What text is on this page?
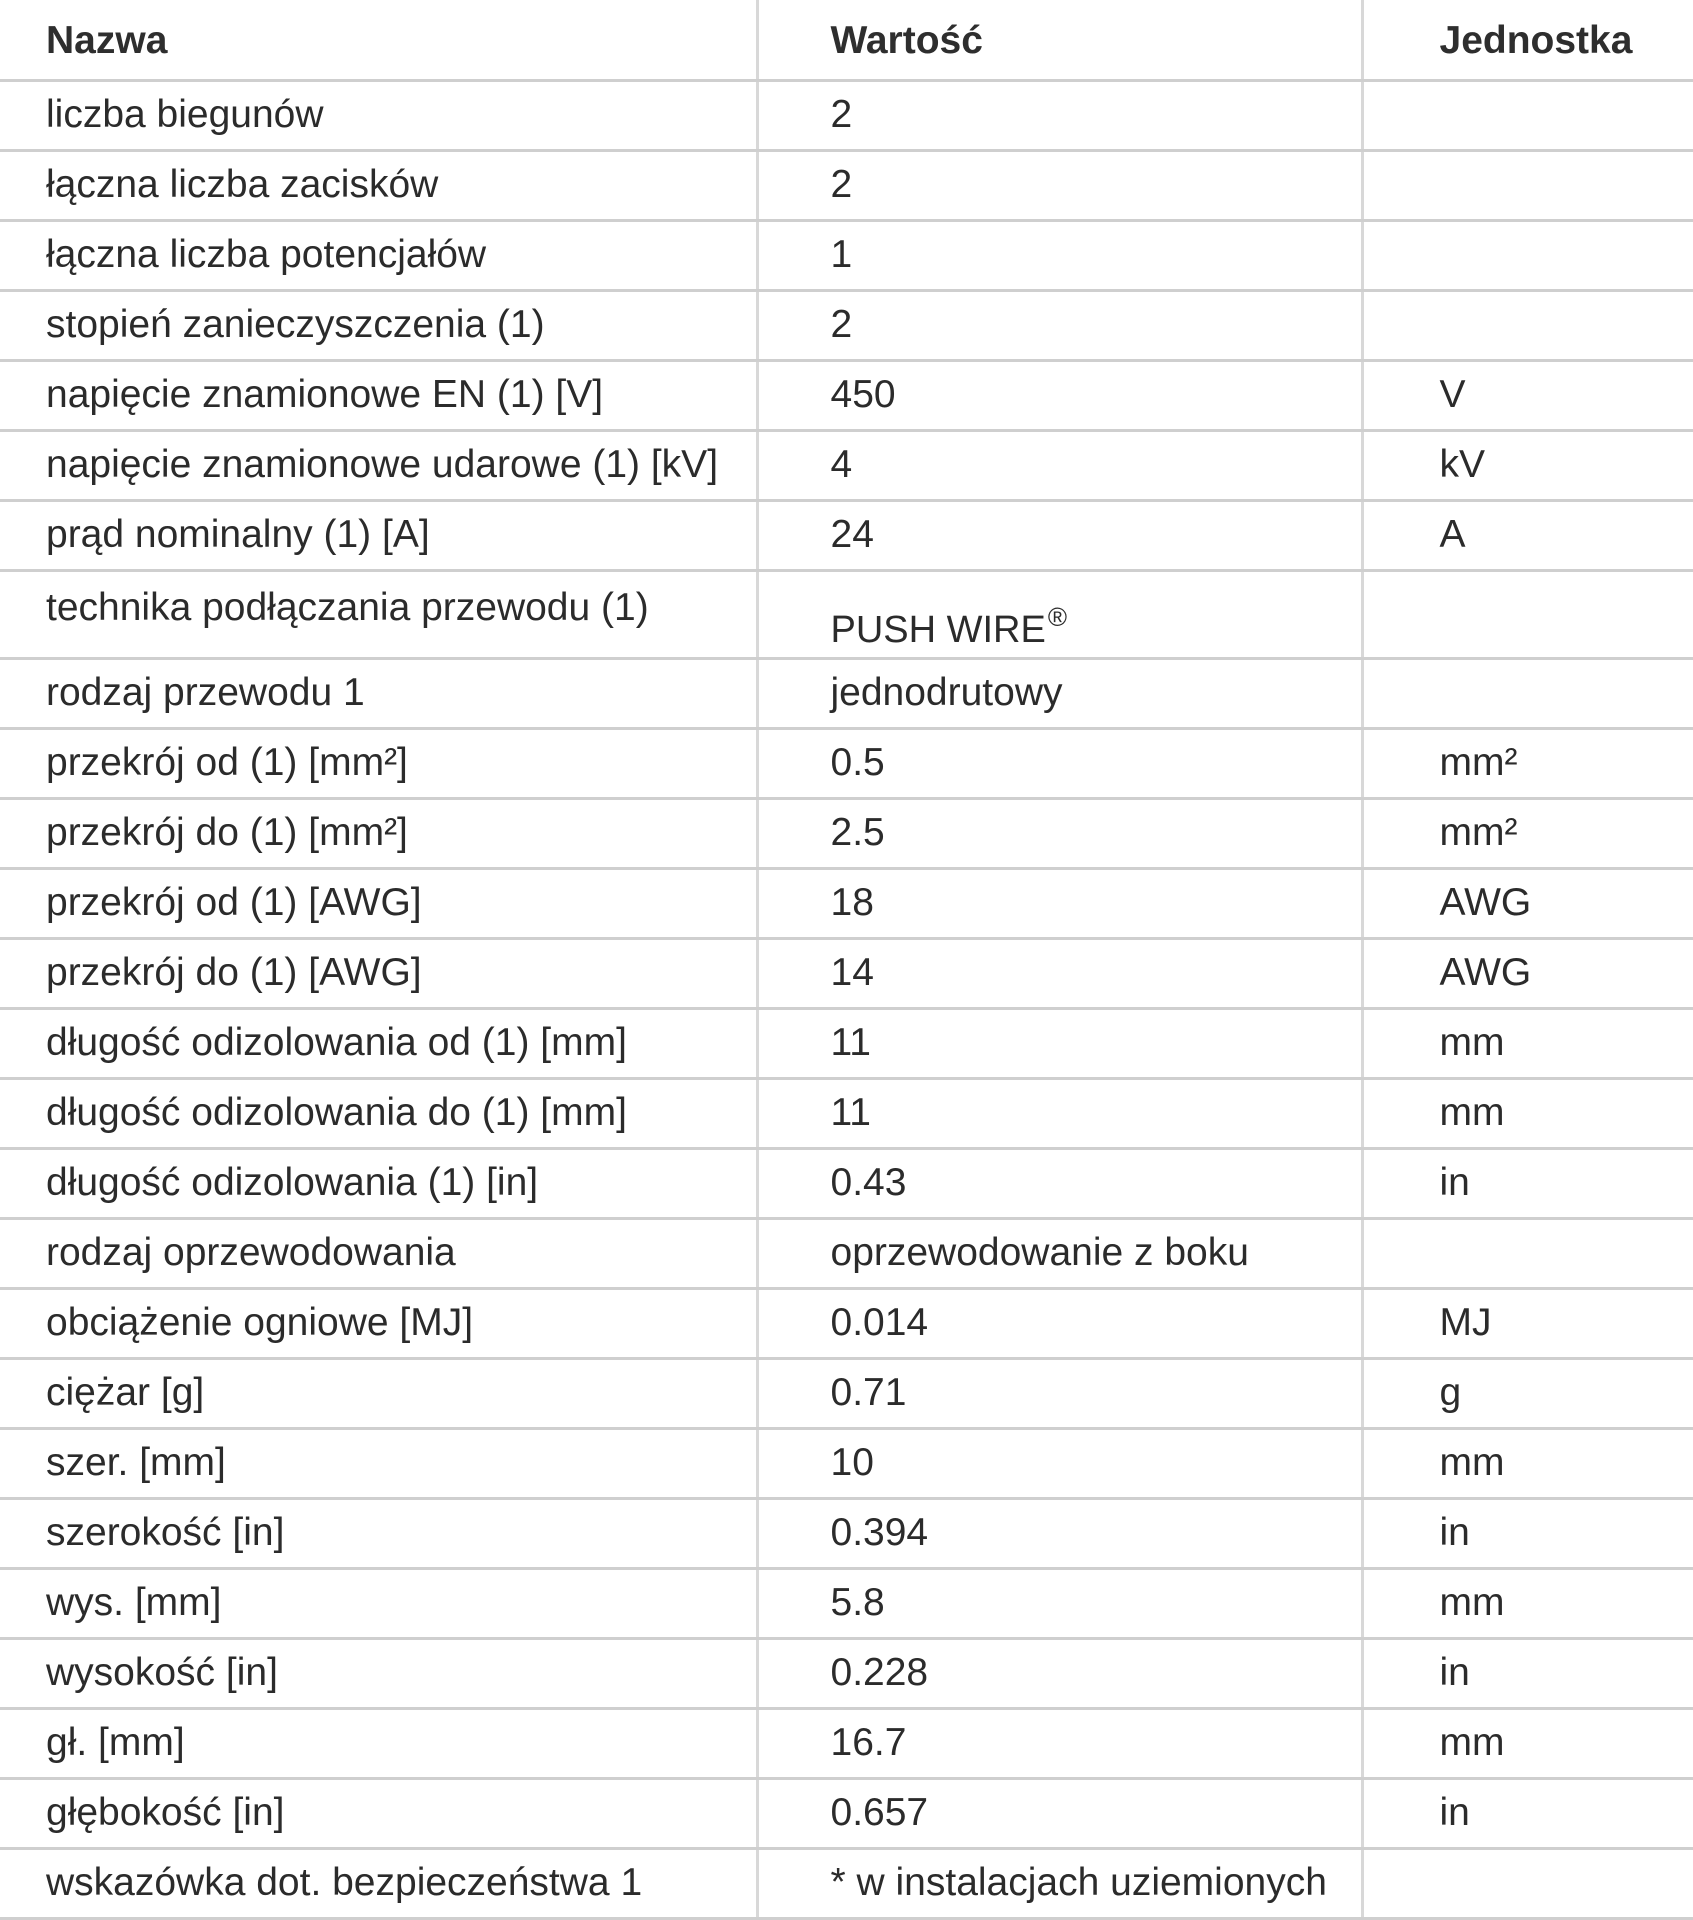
Nazwa	Wartość	Jednostka
liczba biegunów	2	
łączna liczba zacisków	2	
łączna liczba potencjałów	1	
stopień zanieczyszczenia (1)	2	
napięcie znamionowe EN (1) [V]	450	V
napięcie znamionowe udarowe (1) [kV]	4	kV
prąd nominalny (1) [A]	24	A
technika podłączania przewodu (1)	PUSH WIRE®	
rodzaj przewodu 1	jednodrutowy	
przekrój od (1) [mm²]	0.5	mm²
przekrój do (1) [mm²]	2.5	mm²
przekrój od (1) [AWG]	18	AWG
przekrój do (1) [AWG]	14	AWG
długość odizolowania od (1) [mm]	11	mm
długość odizolowania do (1) [mm]	11	mm
długość odizolowania (1) [in]	0.43	in
rodzaj oprzewodowania	oprzewodowanie z boku	
obciążenie ogniowe [MJ]	0.014	MJ
ciężar [g]	0.71	g
szer. [mm]	10	mm
szerokość [in]	0.394	in
wys. [mm]	5.8	mm
wysokość [in]	0.228	in
gł. [mm]	16.7	mm
głębokość [in]	0.657	in
wskazówka dot. bezpieczeństwa 1	* w instalacjach uziemionych	
